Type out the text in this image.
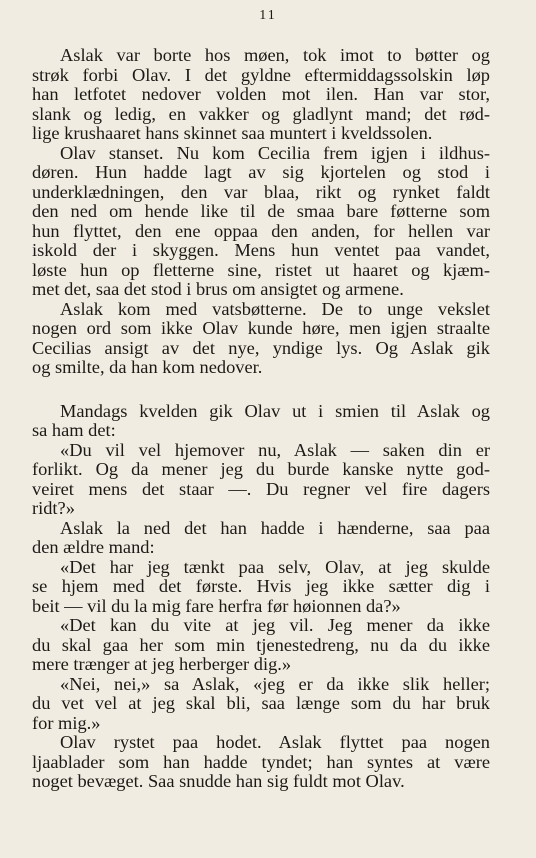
11

Aslak var borte hos møen, tok imot to bøtter og
strøk forbi Olav. I det gyldne eftermiddagssolskin løp
han letfotet nedover volden mot ilen. Han var stor,
slank og ledig, en vakker og gladlynt mand; det rød-
lige krushaaret hans skinnet saa muntert i kveldssolen.

Olav stanset. Nu kom Cecilia frem igjen i ildhus-
døren. Hun hadde lagt av sig kjortelen og stod i
underklædningen, den var blaa, rikt og rynket faldt
den ned om hende like til de smaa bare føtterne som
hun flyttet, den ene oppaa den anden, for hellen var
iskold der i skyggen. Mens hun ventet paa vandet,
løste hun op fletterne sine, ristet ut haaret og kjæm-
met det, saa det stod i brus om ansigtet og armene.

Aslak kom med vatsbøtterne. De to unge vekslet
nogen ord som ikke Olav kunde høre, men igjen straalte
Cecilias ansigt av det nye, yndige lys. Og Aslak gik
og smilte, da han kom nedover.

Mandags kvelden gik Olav ut i smien til Aslak og
sa ham det:

«Du vil vel hjemover nu, Aslak — saken din er
forlikt. Og da mener jeg du burde kanske nytte god-
veiret mens det staar —. Du regner vel fire dagers
ridt?»

Aslak la ned det han hadde i hænderne, saa paa
den ældre mand:

«Det har jeg tænkt paa selv, Olav, at jeg skulde
se hjem med det første. Hvis jeg ikke sætter dig i
beit — vil du la mig fare herfra før høionnen da?»

«Det kan du vite at jeg vil. Jeg mener da ikke
du skal gaa her som min tjenestedreng, nu da du ikke
mere trænger at jeg herberger dig.»

«Nei, nei,» sa Aslak, «jeg er da ikke slik heller;
du vet vel at jeg skal bli, saa længe som du har bruk
for mig.»

Olav rystet paa hodet. Aslak flyttet paa nogen
ljaablader som han hadde tyndet; han syntes at være
noget bevæget. Saa snudde han sig fuldt mot Olav.
